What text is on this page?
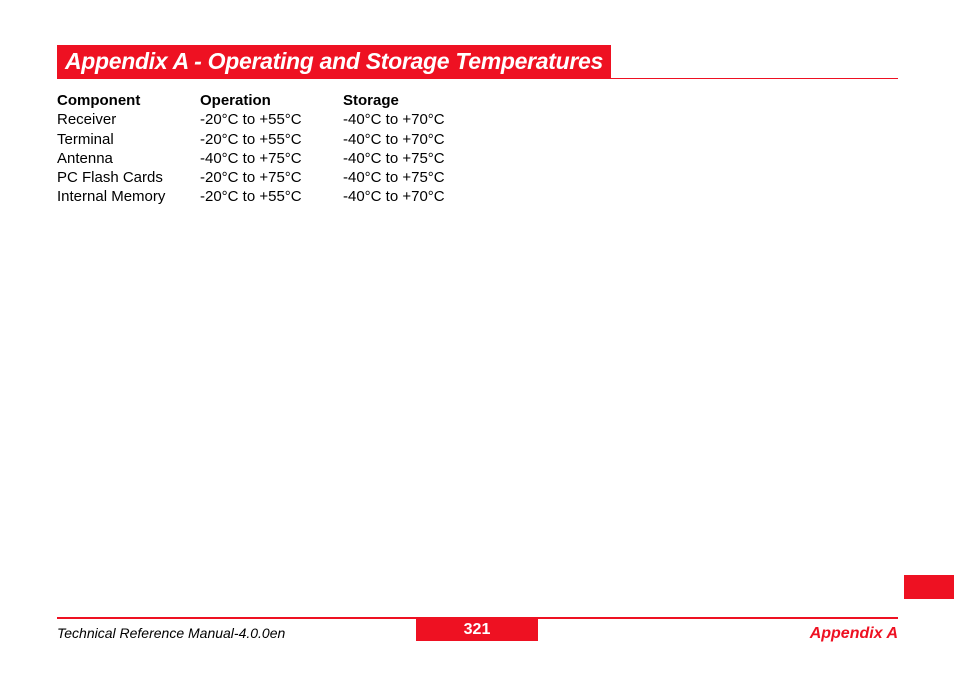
Appendix A - Operating and Storage Temperatures
Component	Operation	Storage
Receiver	-20°C to +55°C	-40°C to +70°C
Terminal	-20°C to +55°C	-40°C to +70°C
Antenna	-40°C to +75°C	-40°C to +75°C
PC Flash Cards	-20°C to +75°C	-40°C to +75°C
Internal Memory	-20°C to +55°C	-40°C to +70°C
Technical Reference Manual-4.0.0en	321	Appendix A
